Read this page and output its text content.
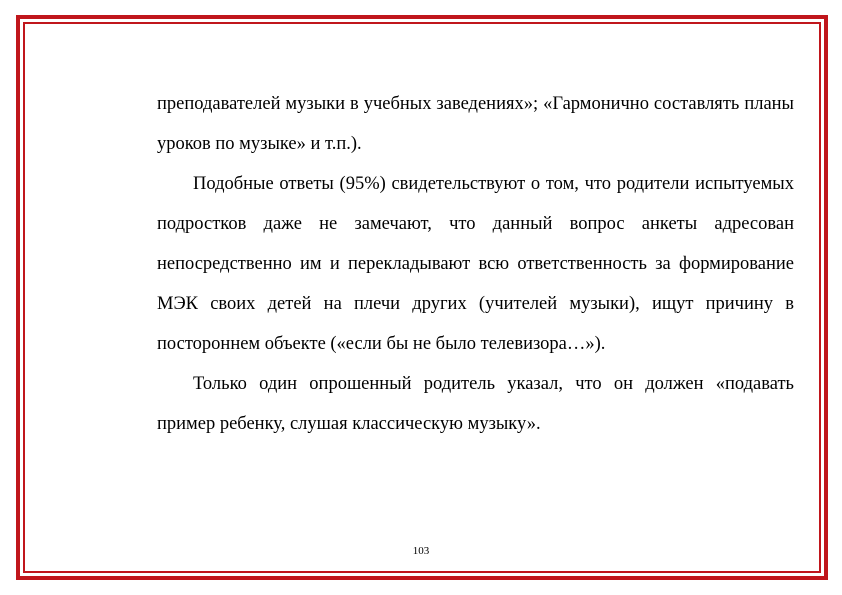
преподавателей музыки в учебных заведениях»; «Гармонично составлять планы уроков по музыке» и т.п.).

Подобные ответы (95%) свидетельствуют о том, что родители испытуемых подростков даже не замечают, что данный вопрос анкеты адресован непосредственно им и перекладывают всю ответственность за формирование МЭК своих детей на плечи других (учителей музыки), ищут причину в постороннем объекте («если бы не было телевизора…»).

Только один опрошенный родитель указал, что он должен «подавать пример ребенку, слушая классическую музыку».

103
